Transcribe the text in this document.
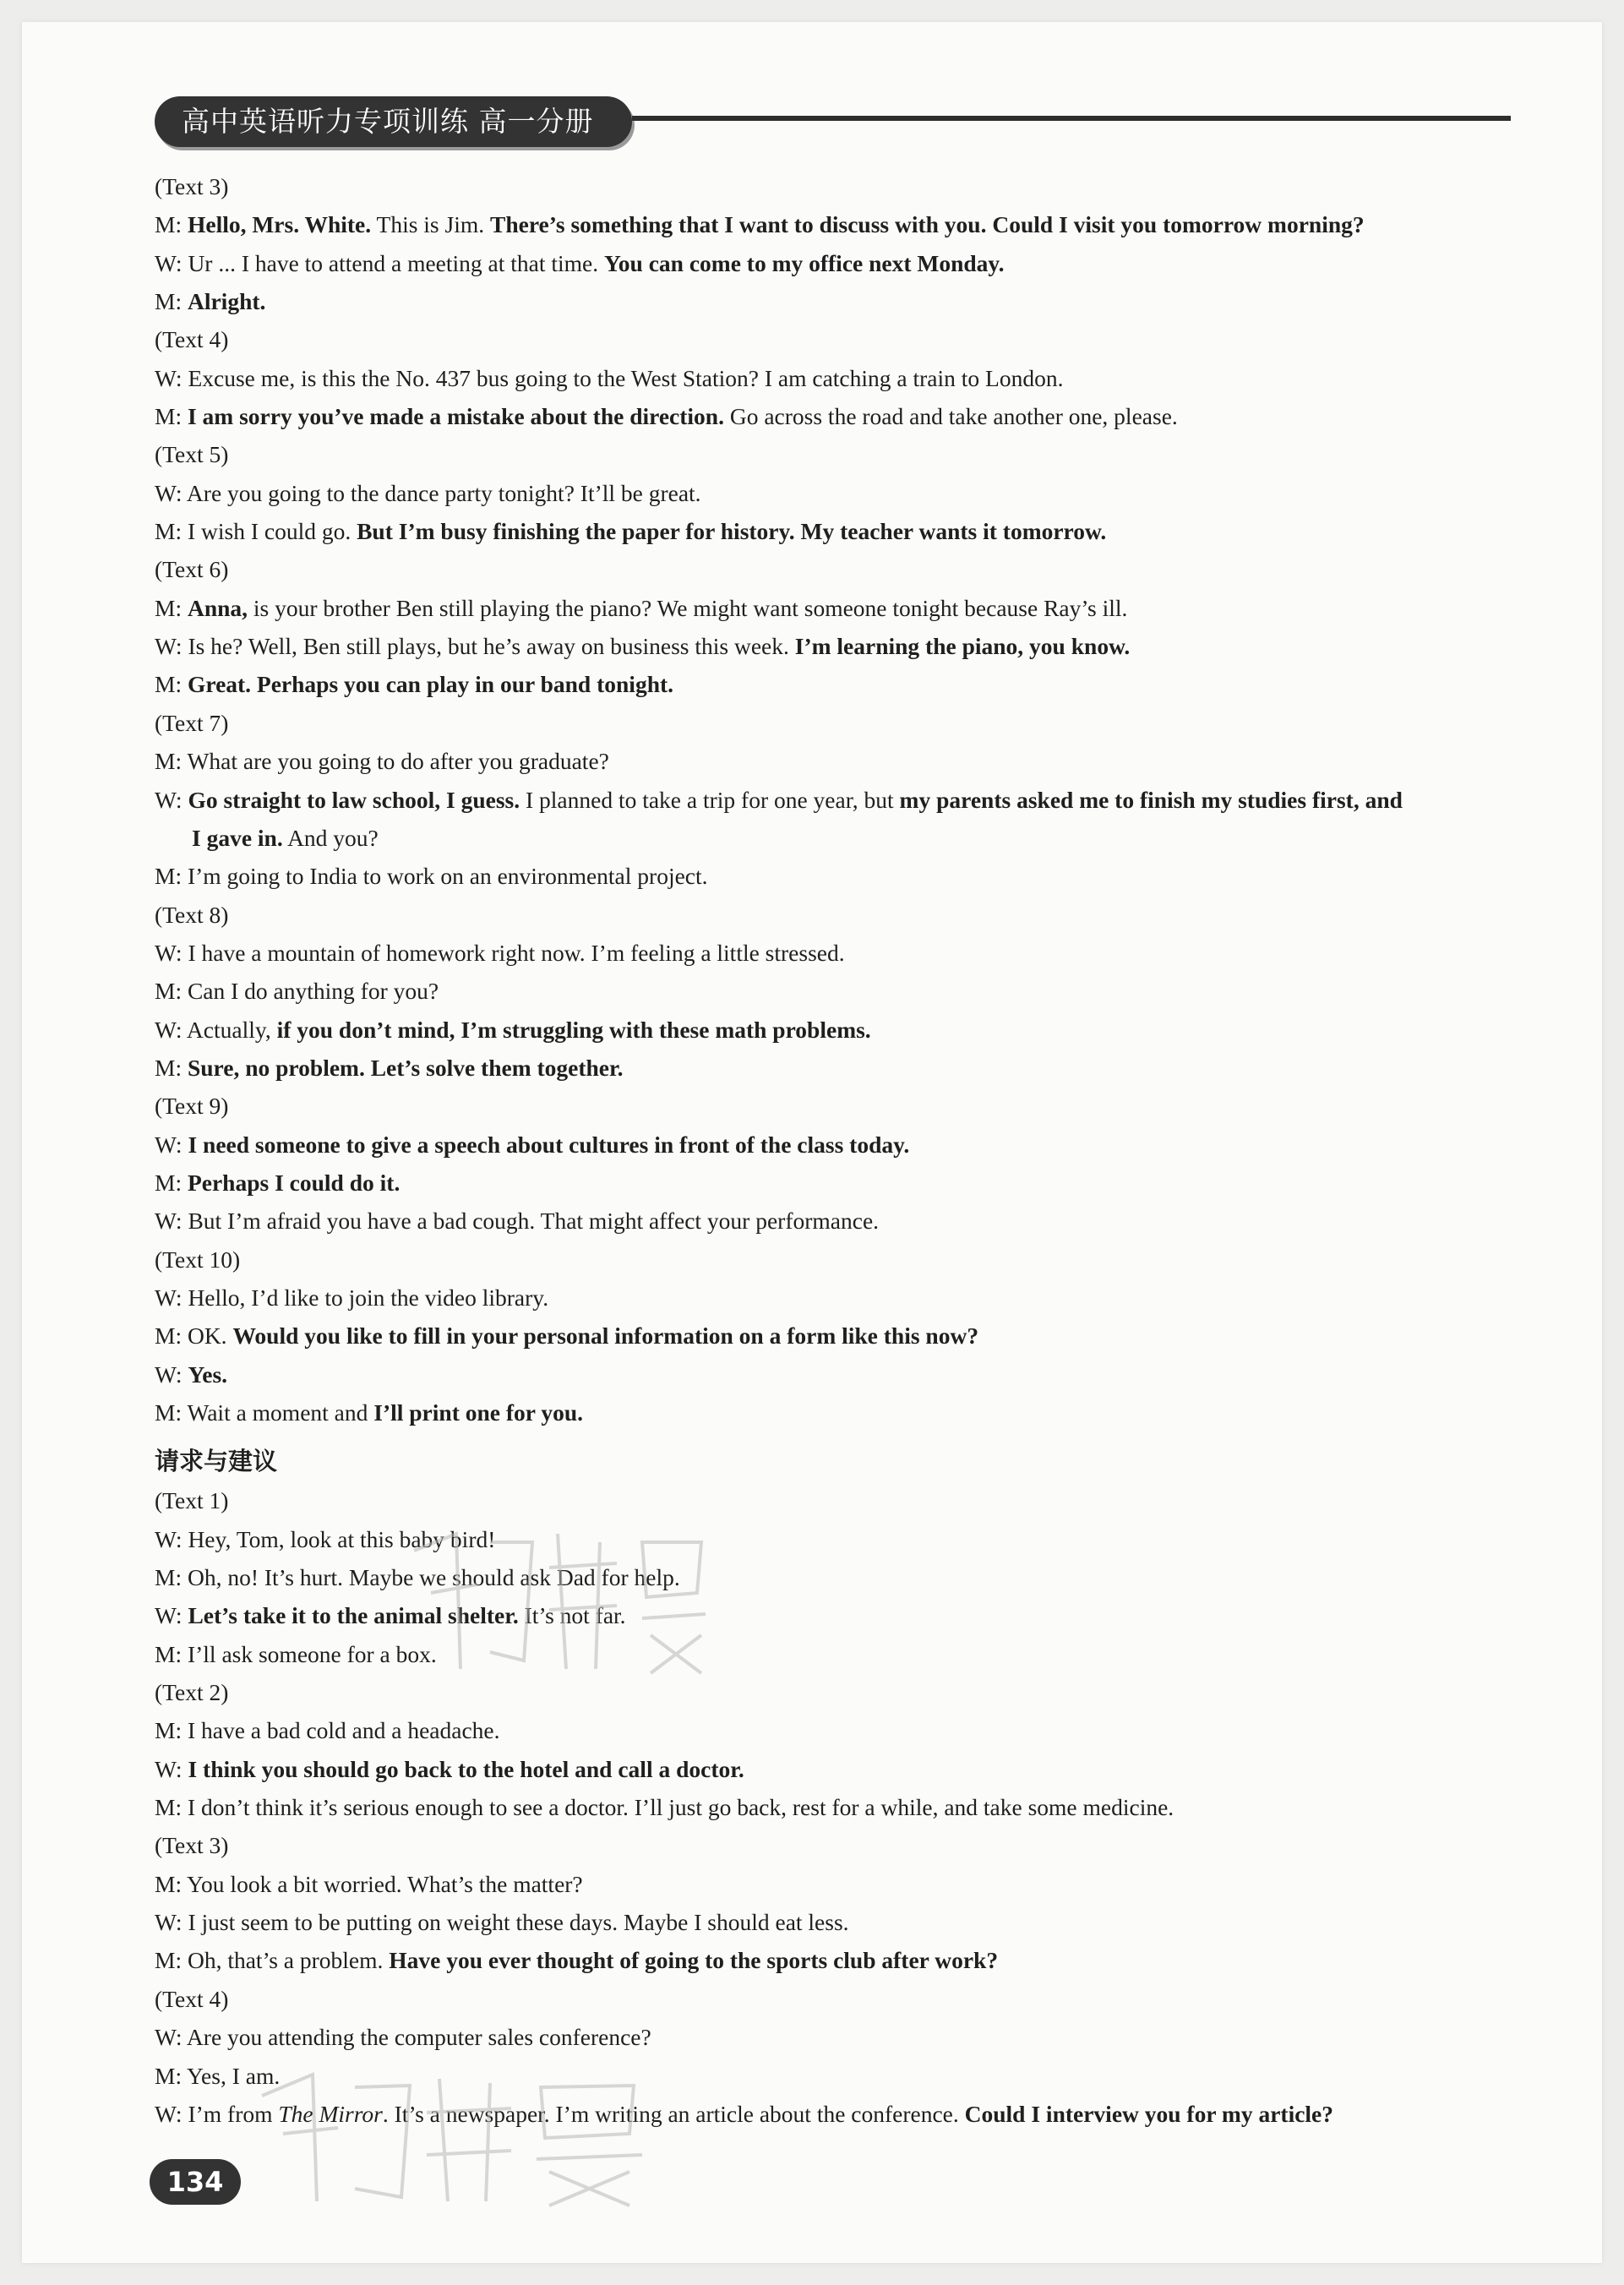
高中英语听力专项训练 高一分册
(Text 3)
M: Hello, Mrs. White. This is Jim. There’s something that I want to discuss with you. Could I visit you tomorrow morning?
W: Ur ... I have to attend a meeting at that time. You can come to my office next Monday.
M: Alright.
(Text 4)
W: Excuse me, is this the No. 437 bus going to the West Station? I am catching a train to London.
M: I am sorry you’ve made a mistake about the direction. Go across the road and take another one, please.
(Text 5)
W: Are you going to the dance party tonight? It’ll be great.
M: I wish I could go. But I’m busy finishing the paper for history. My teacher wants it tomorrow.
(Text 6)
M: Anna, is your brother Ben still playing the piano? We might want someone tonight because Ray’s ill.
W: Is he? Well, Ben still plays, but he’s away on business this week. I’m learning the piano, you know.
M: Great. Perhaps you can play in our band tonight.
(Text 7)
M: What are you going to do after you graduate?
W: Go straight to law school, I guess. I planned to take a trip for one year, but my parents asked me to finish my studies first, and
I gave in. And you?
M: I’m going to India to work on an environmental project.
(Text 8)
W: I have a mountain of homework right now. I’m feeling a little stressed.
M: Can I do anything for you?
W: Actually, if you don’t mind, I’m struggling with these math problems.
M: Sure, no problem. Let’s solve them together.
(Text 9)
W: I need someone to give a speech about cultures in front of the class today.
M: Perhaps I could do it.
W: But I’m afraid you have a bad cough. That might affect your performance.
(Text 10)
W: Hello, I’d like to join the video library.
M: OK. Would you like to fill in your personal information on a form like this now?
W: Yes.
M: Wait a moment and I’ll print one for you.
请求与建议
(Text 1)
W: Hey, Tom, look at this baby bird!
M: Oh, no! It’s hurt. Maybe we should ask Dad for help.
W: Let’s take it to the animal shelter. It’s not far.
M: I’ll ask someone for a box.
(Text 2)
M: I have a bad cold and a headache.
W: I think you should go back to the hotel and call a doctor.
M: I don’t think it’s serious enough to see a doctor. I’ll just go back, rest for a while, and take some medicine.
(Text 3)
M: You look a bit worried. What’s the matter?
W: I just seem to be putting on weight these days. Maybe I should eat less.
M: Oh, that’s a problem. Have you ever thought of going to the sports club after work?
(Text 4)
W: Are you attending the computer sales conference?
M: Yes, I am.
W: I’m from The Mirror. It’s a newspaper. I’m writing an article about the conference. Could I interview you for my article?
134
